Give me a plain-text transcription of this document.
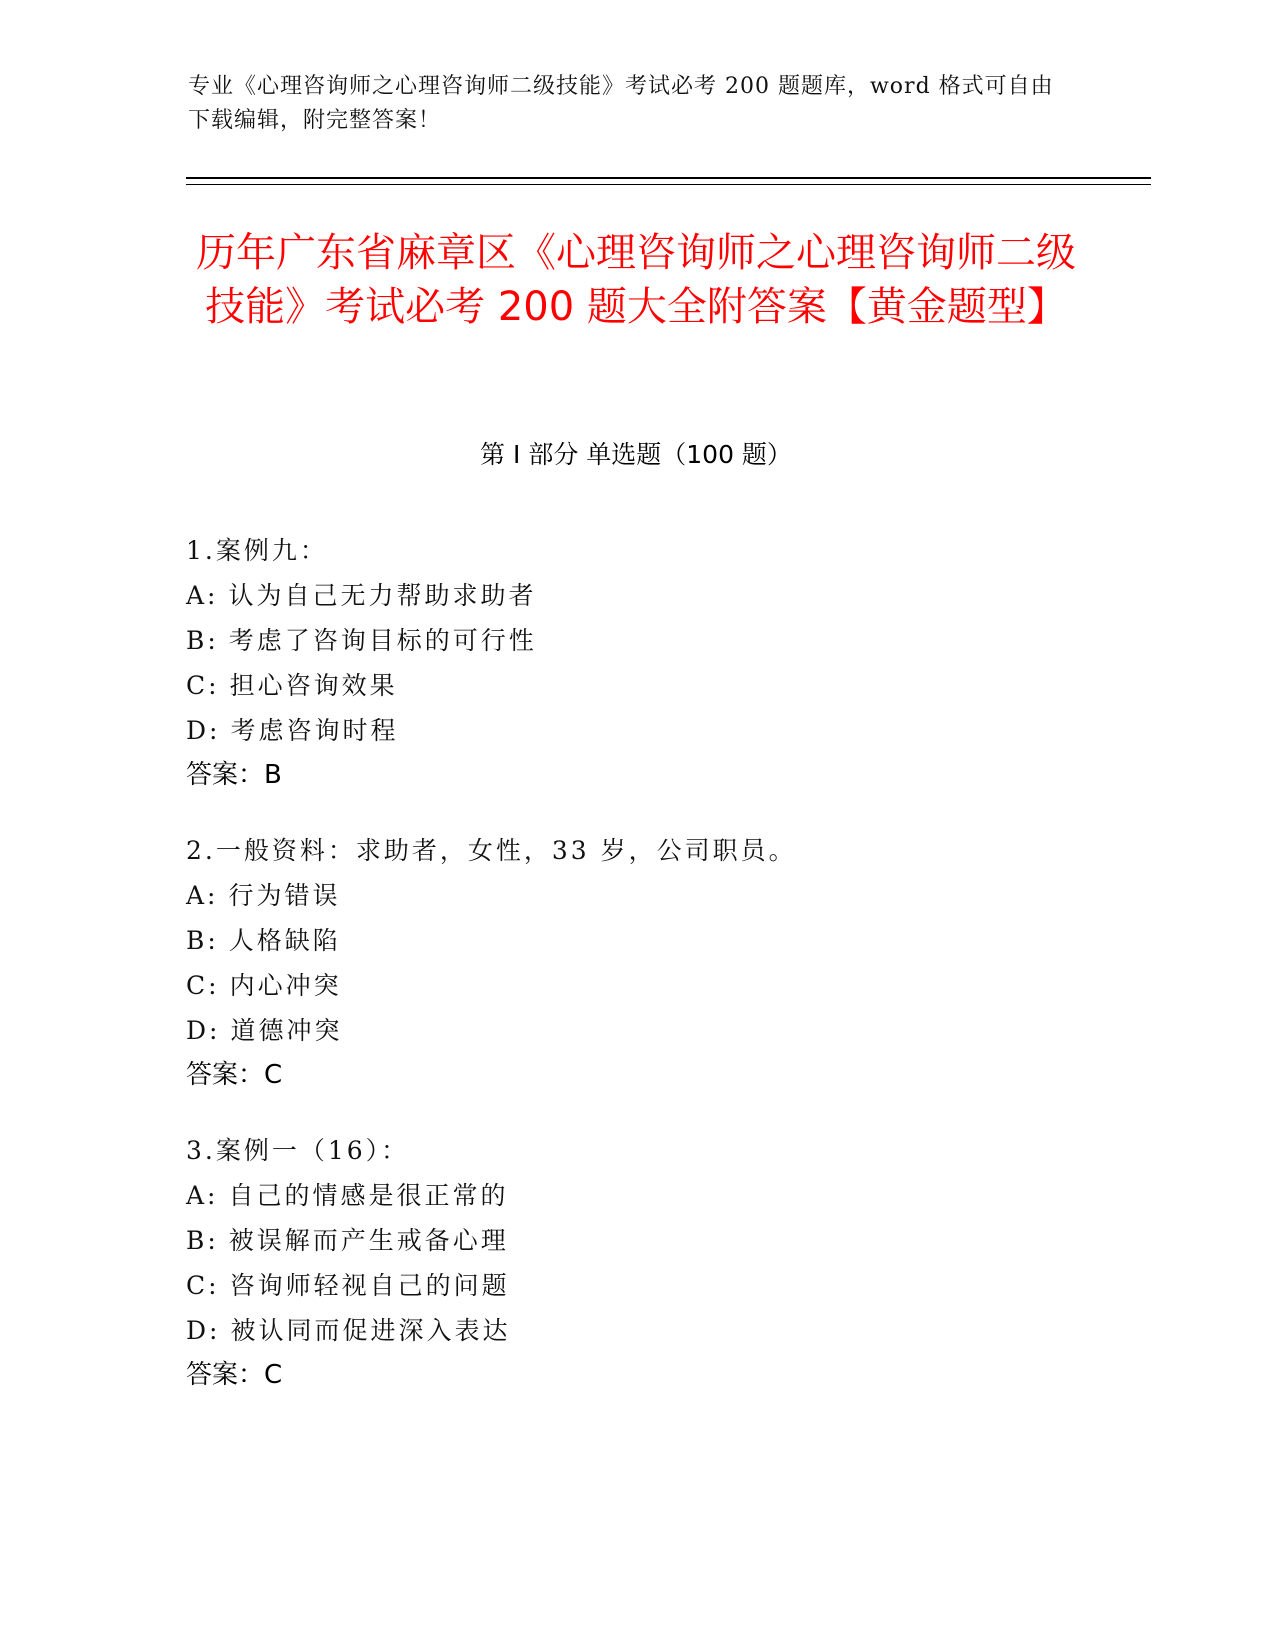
专业《心理咨询师之心理咨询师二级技能》考试必考 200 题题库，word 格式可自由下载编辑，附完整答案！
历年广东省麻章区《心理咨询师之心理咨询师二级技能》考试必考 200 题大全附答案【黄金题型】
第 I 部分 单选题（100 题）
1.案例九：
A: 认为自己无力帮助求助者
B: 考虑了咨询目标的可行性
C: 担心咨询效果
D: 考虑咨询时程
答案：B
2.一般资料：求助者，女性，33 岁，公司职员。
A: 行为错误
B: 人格缺陷
C: 内心冲突
D: 道德冲突
答案：C
3.案例一（16）：
A: 自己的情感是很正常的
B: 被误解而产生戒备心理
C: 咨询师轻视自己的问题
D: 被认同而促进深入表达
答案：C
